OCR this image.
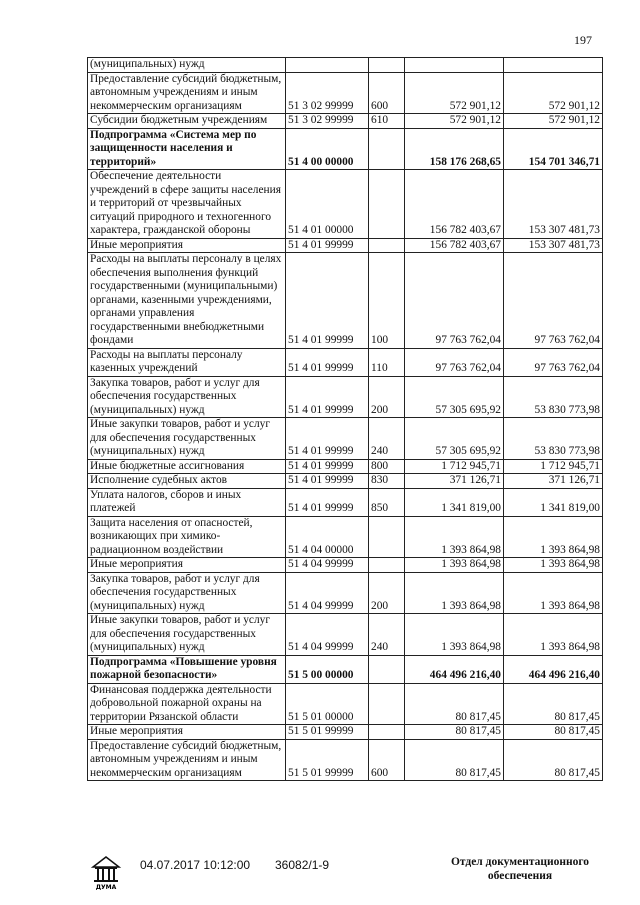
197
(муниципальных) нужд				
Предоставление субсидий бюджетным, автономным учреждениям и иным некоммерческим организациям	51 3 02 99999	600	572 901,12	572 901,12
Субсидии бюджетным учреждениям	51 3 02 99999	610	572 901,12	572 901,12
Подпрограмма «Система мер по защищенности населения и территорий»	51 4 00 00000		158 176 268,65	154 701 346,71
Обеспечение деятельности учреждений в сфере защиты населения и территорий от чрезвычайных ситуаций природного и техногенного характера, гражданской обороны	51 4 01 00000		156 782 403,67	153 307 481,73
Иные мероприятия	51 4 01 99999		156 782 403,67	153 307 481,73
Расходы на выплаты персоналу в целях обеспечения выполнения функций государственными (муниципальными) органами, казенными учреждениями, органами управления государственными внебюджетными фондами	51 4 01 99999	100	97 763 762,04	97 763 762,04
Расходы на выплаты персоналу казенных учреждений	51 4 01 99999	110	97 763 762,04	97 763 762,04
Закупка товаров, работ и услуг для обеспечения государственных (муниципальных) нужд	51 4 01 99999	200	57 305 695,92	53 830 773,98
Иные закупки товаров, работ и услуг для обеспечения государственных (муниципальных) нужд	51 4 01 99999	240	57 305 695,92	53 830 773,98
Иные бюджетные ассигнования	51 4 01 99999	800	1 712 945,71	1 712 945,71
Исполнение судебных актов	51 4 01 99999	830	371 126,71	371 126,71
Уплата налогов, сборов и иных платежей	51 4 01 99999	850	1 341 819,00	1 341 819,00
Защита населения от опасностей, возникающих при химико-радиационном воздействии	51 4 04 00000		1 393 864,98	1 393 864,98
Иные мероприятия	51 4 04 99999		1 393 864,98	1 393 864,98
Закупка товаров, работ и услуг для обеспечения государственных (муниципальных) нужд	51 4 04 99999	200	1 393 864,98	1 393 864,98
Иные закупки товаров, работ и услуг для обеспечения государственных (муниципальных) нужд	51 4 04 99999	240	1 393 864,98	1 393 864,98
Подпрограмма «Повышение уровня пожарной безопасности»	51 5 00 00000		464 496 216,40	464 496 216,40
Финансовая поддержка деятельности добровольной пожарной охраны на территории Рязанской области	51 5 01 00000		80 817,45	80 817,45
Иные мероприятия	51 5 01 99999		80 817,45	80 817,45
Предоставление субсидий бюджетным, автономным учреждениям и иным некоммерческим организациям	51 5 01 99999	600	80 817,45	80 817,45
ДУМА
04.07.2017 10:12:00 36082/1-9	Отдел документационного обеспечения
